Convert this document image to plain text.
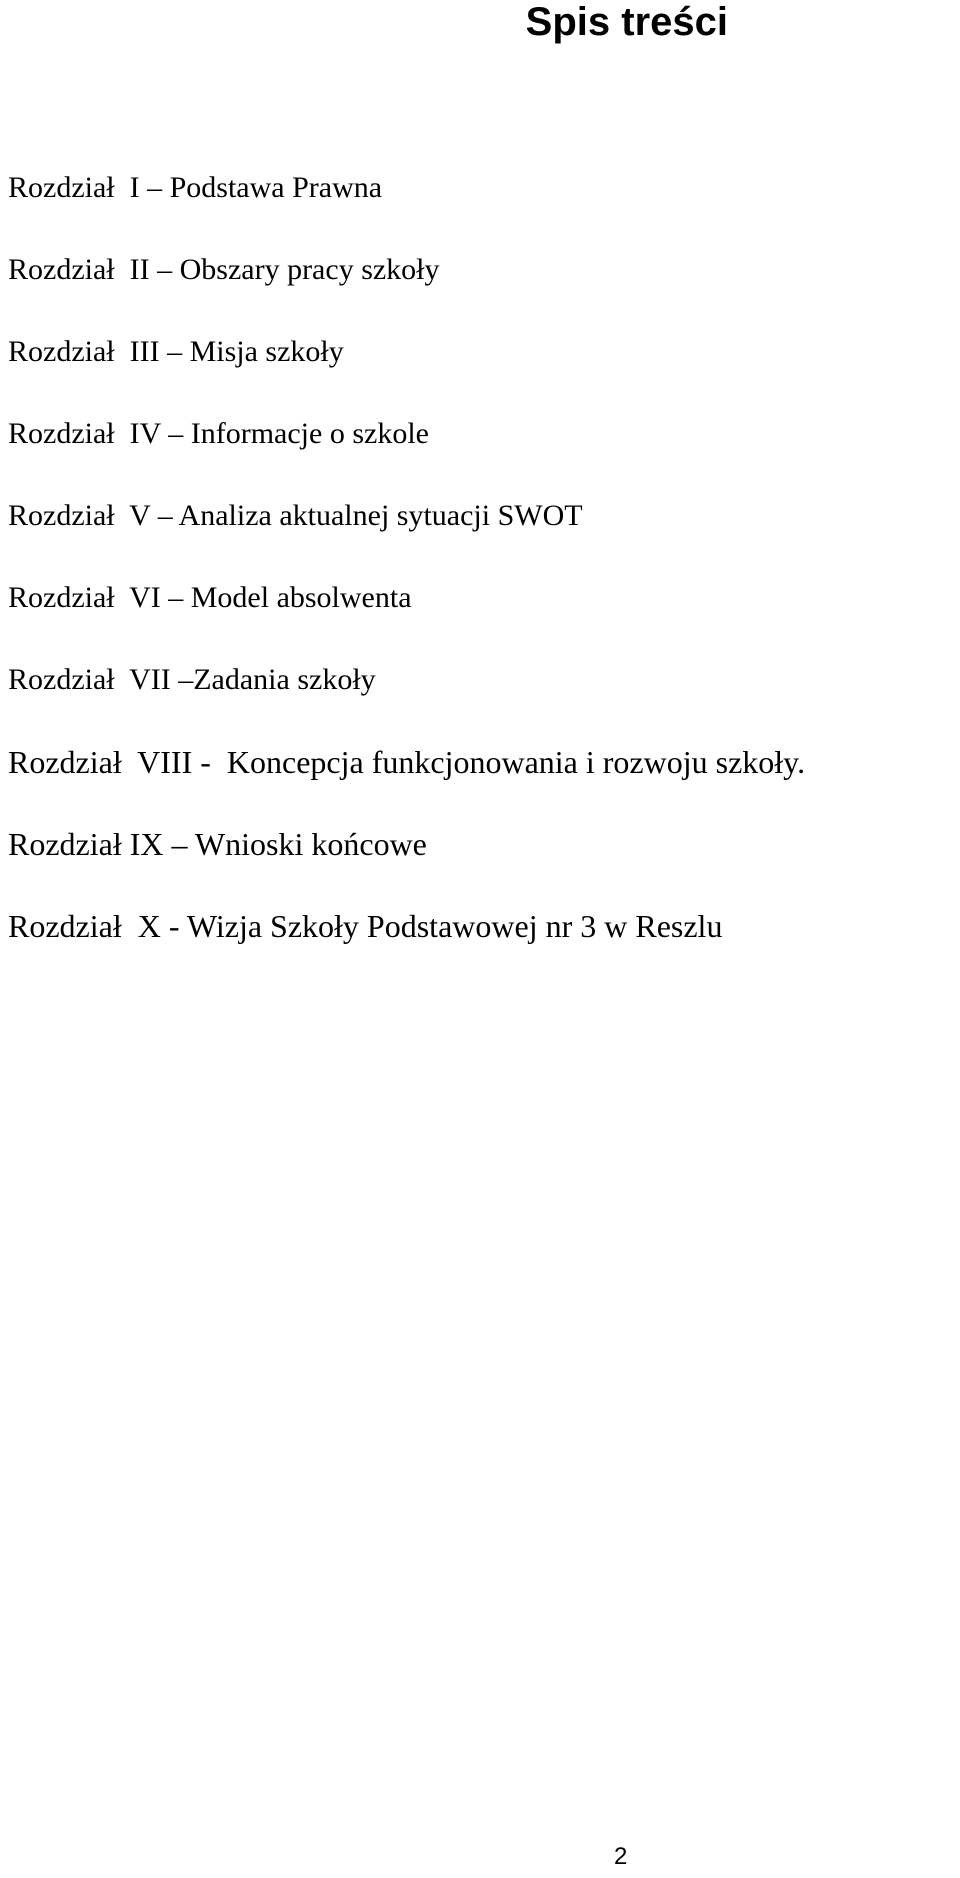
Spis treści
Rozdział  I – Podstawa Prawna
Rozdział  II – Obszary pracy szkoły
Rozdział  III – Misja szkoły
Rozdział  IV – Informacje o szkole
Rozdział  V – Analiza aktualnej sytuacji SWOT
Rozdział  VI – Model absolwenta
Rozdział  VII –Zadania szkoły
Rozdział  VIII -  Koncepcja funkcjonowania i rozwoju szkoły.
Rozdział IX – Wnioski końcowe
Rozdział  X - Wizja Szkoły Podstawowej nr 3 w Reszlu

2
